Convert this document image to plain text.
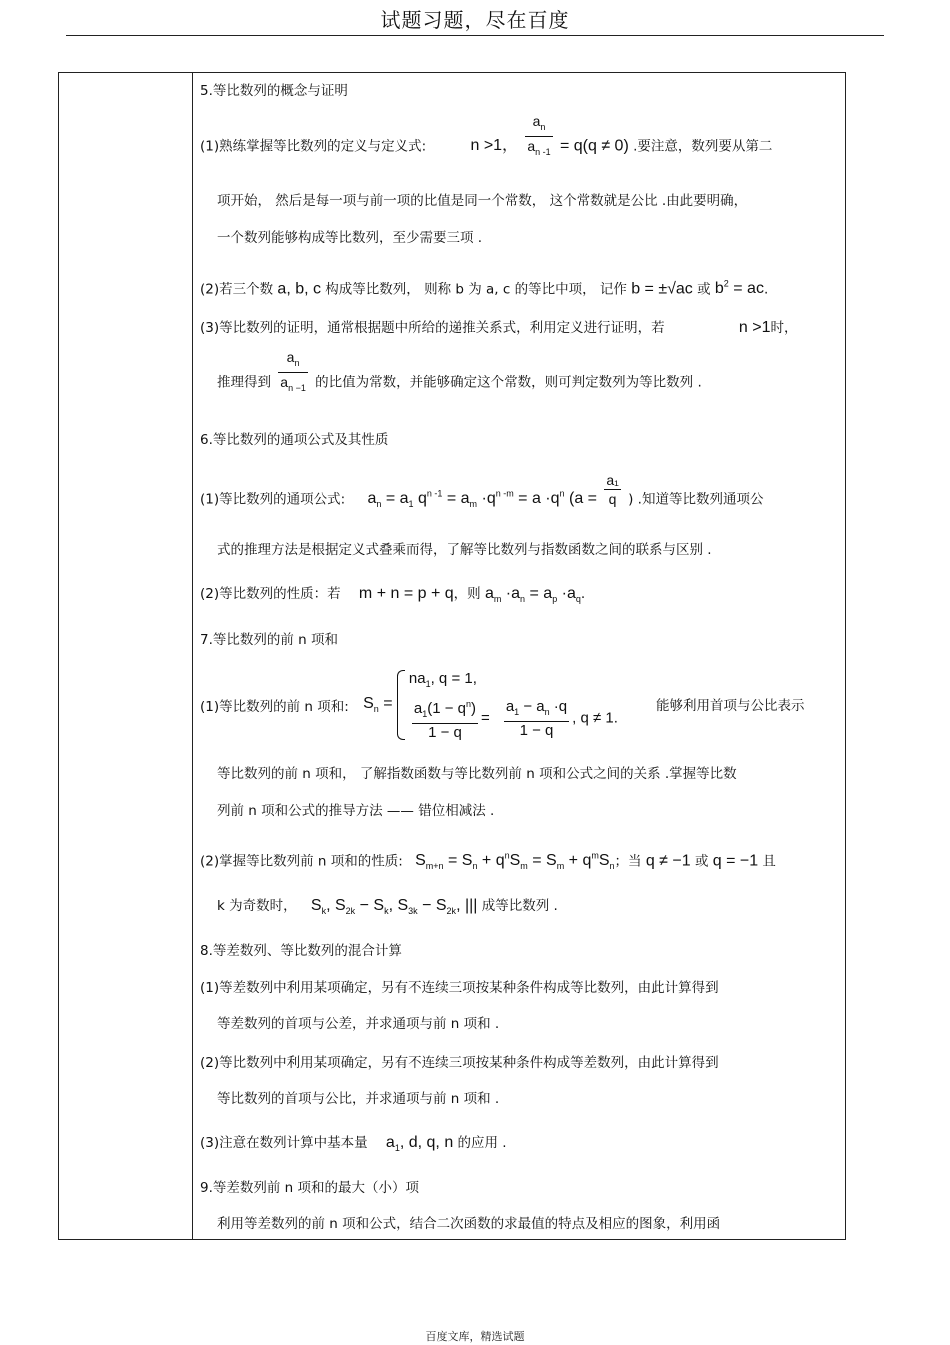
试题习题，尽在百度
5.等比数列的概念与证明
(1)熟练掌握等比数列的定义与定义式:	n >1， $\frac{a_n}{a_{n -1}} = q(q \ne 0)$ .要注意，数列要从第二
项开始， 然后是每一项与前一项的比值是同一个常数， 这个常数就是公比 .由此要明确，
一个数列能够构成等比数列，至少需要三项 .
(2)若三个数 a, b, c 构成等比数列， 则称 b 为 a, c 的等比中项， 记作 b = ±√ac 或 $b^2$ = ac.
(3)等比数列的证明，通常根据题中所给的递推关系式，利用定义进行证明，若	n >1时，
推理得到 $\frac{a_n}{a_{n -1}}$ 的比值为常数，并能够确定这个常数，则可判定数列为等比数列 .
6.等比数列的通项公式及其性质
(1)等比数列的通项公式: $a_n = a_1$ $q^{n -1} = a_m \cdot q^{n -m} = a \cdot q^n$ ($a = \frac{\text{a₁}}{q}$ ) .知道等比数列通项公
式的推理方法是根据定义式叠乘而得，了解等比数列与指数函数之间的联系与区别 .
(2)等比数列的性质：若 m + n = p + q，则 $a_m \cdot a_n = a_p \cdot a_q$.
7.等比数列的前 n 项和
(1)等比数列的前 n 项和: $S_n$ =
$na_1$, q = 1,
$\frac{a_1(1 - q^n)}{1 - q} = \frac{a_1 - a_n \cdot q}{1 - q}$ , q ≠ 1.
能够利用首项与公比表示
等比数列的前 n 项和， 了解指数函数与等比数列前 n 项和公式之间的关系 .掌握等比数
列前 n 项和公式的推导方法 —— 错位相减法 .
(2)掌握等比数列前 n 项和的性质: $S_{m+n} = S_n + q^nS_m = S_m + q^mS_n$；当 q ≠ −1 或 q = −1 且
k 为奇数时， $S_k$, $S_{2k} - S_k$, $S_{3k} - S_{2k}$, ||| 成等比数列 .
8.等差数列、等比数列的混合计算
(1)等差数列中利用某项确定，另有不连续三项按某种条件构成等比数列，由此计算得到
等差数列的首项与公差，并求通项与前 n 项和 .
(2)等比数列中利用某项确定，另有不连续三项按某种条件构成等差数列，由此计算得到
等比数列的首项与公比，并求通项与前 n 项和 .
(3)注意在数列计算中基本量 $a_1$, d, q, n 的应用 .
9.等差数列前 n 项和的最大（小）项
利用等差数列的前 n 项和公式，结合二次函数的求最值的特点及相应的图象，利用函
百度文库，精选试题
